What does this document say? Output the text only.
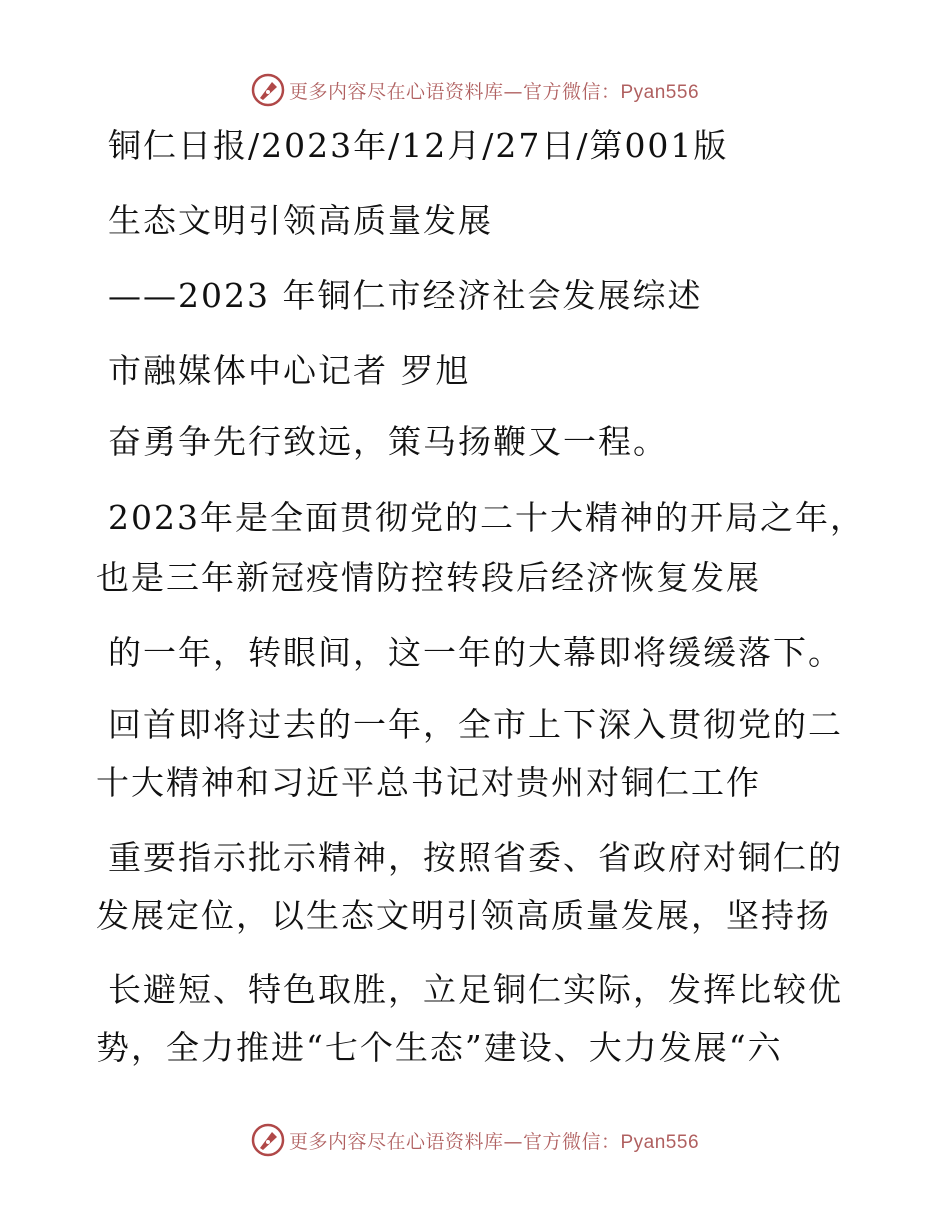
更多内容尽在心语资料库—官方微信：Pyan556
铜仁日报/2023年/12月/27日/第001版
生态文明引领高质量发展
——2023 年铜仁市经济社会发展综述
市融媒体中心记者 罗旭
奋勇争先行致远，策马扬鞭又一程。
2023年是全面贯彻党的二十大精神的开局之年，
也是三年新冠疫情防控转段后经济恢复发展
的一年，转眼间，这一年的大幕即将缓缓落下。
回首即将过去的一年，全市上下深入贯彻党的二
十大精神和习近平总书记对贵州对铜仁工作
重要指示批示精神，按照省委、省政府对铜仁的
发展定位，以生态文明引领高质量发展，坚持扬
长避短、特色取胜，立足铜仁实际，发挥比较优
势，全力推进“七个生态”建设、大力发展“六
更多内容尽在心语资料库—官方微信：Pyan556
